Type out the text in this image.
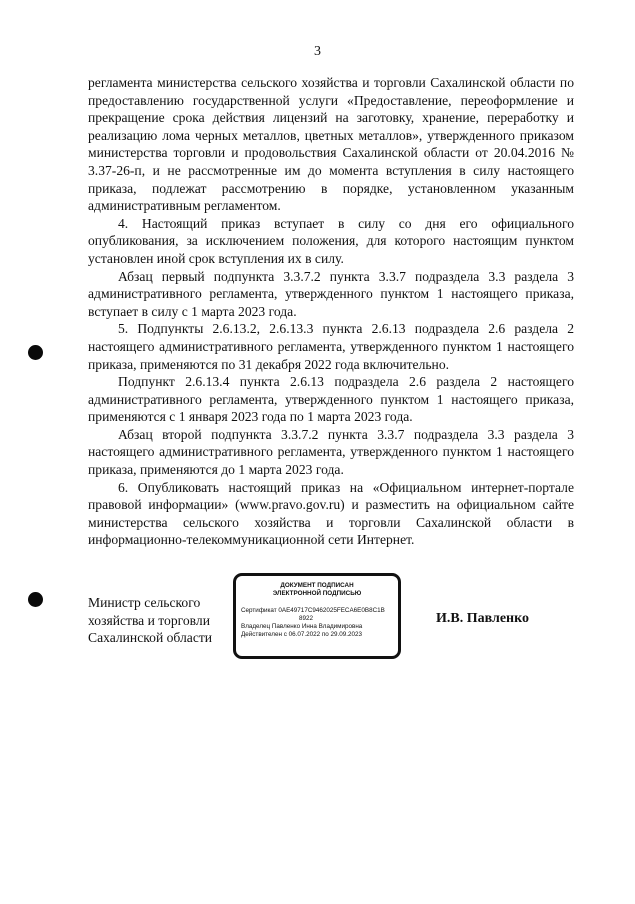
3

регламента министерства сельского хозяйства и торговли Сахалинской области по предоставлению государственной услуги «Предоставление, переоформление и прекращение срока действия лицензий на заготовку, хранение, переработку и реализацию лома черных металлов, цветных металлов», утвержденного приказом министерства торговли и продовольствия Сахалинской области от 20.04.2016 № 3.37-26-п, и не рассмотренные им до момента вступления в силу настоящего приказа, подлежат рассмотрению в порядке, установленном указанным административным регламентом.

4. Настоящий приказ вступает в силу со дня его официального опубликования, за исключением положения, для которого настоящим пунктом установлен иной срок вступления их в силу.

Абзац первый подпункта 3.3.7.2 пункта 3.3.7 подраздела 3.3 раздела 3 административного регламента, утвержденного пунктом 1 настоящего приказа, вступает в силу с 1 марта 2023 года.

5. Подпункты 2.6.13.2, 2.6.13.3 пункта 2.6.13 подраздела 2.6 раздела 2 настоящего административного регламента, утвержденного пунктом 1 настоящего приказа, применяются по 31 декабря 2022 года включительно.

Подпункт 2.6.13.4 пункта 2.6.13 подраздела 2.6 раздела 2 настоящего административного регламента, утвержденного пунктом 1 настоящего приказа, применяются с 1 января 2023 года по 1 марта 2023 года.

Абзац второй подпункта 3.3.7.2 пункта 3.3.7 подраздела 3.3 раздела 3 настоящего административного регламента, утвержденного пунктом 1 настоящего приказа, применяются до 1 марта 2023 года.

6. Опубликовать настоящий приказ на «Официальном интернет-портале правовой информации» (www.pravo.gov.ru) и разместить на официальном сайте министерства сельского хозяйства и торговли Сахалинской области в информационно-телекоммуникационной сети Интернет.

Министр сельского
хозяйства и торговли
Сахалинской области
ДОКУМЕНТ ПОДПИСАН
ЭЛЕКТРОННОЙ ПОДПИСЬЮ
Сертификат 0AE49717C9462025FECA6E0B8C1B
8922
Владелец Павленко Инна Владимировна
Действителен с 06.07.2022 по 29.09.2023
И.В. Павленко
